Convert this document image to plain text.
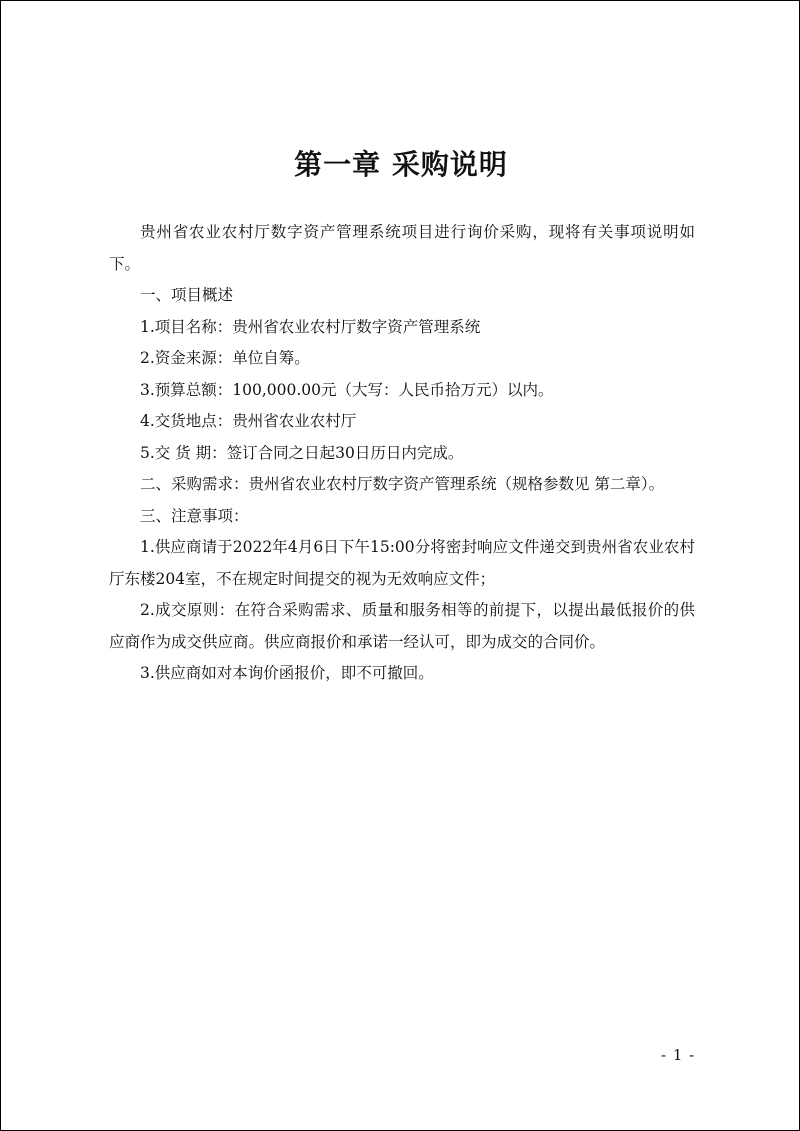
第一章 采购说明

贵州省农业农村厅数字资产管理系统项目进行询价采购，现将有关事项说明如下。

一、项目概述

1.项目名称：贵州省农业农村厅数字资产管理系统

2.资金来源：单位自筹。

3.预算总额：100,000.00元（大写：人民币拾万元）以内。

4.交货地点：贵州省农业农村厅

5.交 货 期：签订合同之日起30日历日内完成。

二、采购需求：贵州省农业农村厅数字资产管理系统（规格参数见 第二章）。

三、注意事项：

1.供应商请于2022年4月6日下午15:00分将密封响应文件递交到贵州省农业农村厅东楼204室，不在规定时间提交的视为无效响应文件；

2.成交原则：在符合采购需求、质量和服务相等的前提下，以提出最低报价的供应商作为成交供应商。供应商报价和承诺一经认可，即为成交的合同价。

3.供应商如对本询价函报价，即不可撤回。

- 1 -
